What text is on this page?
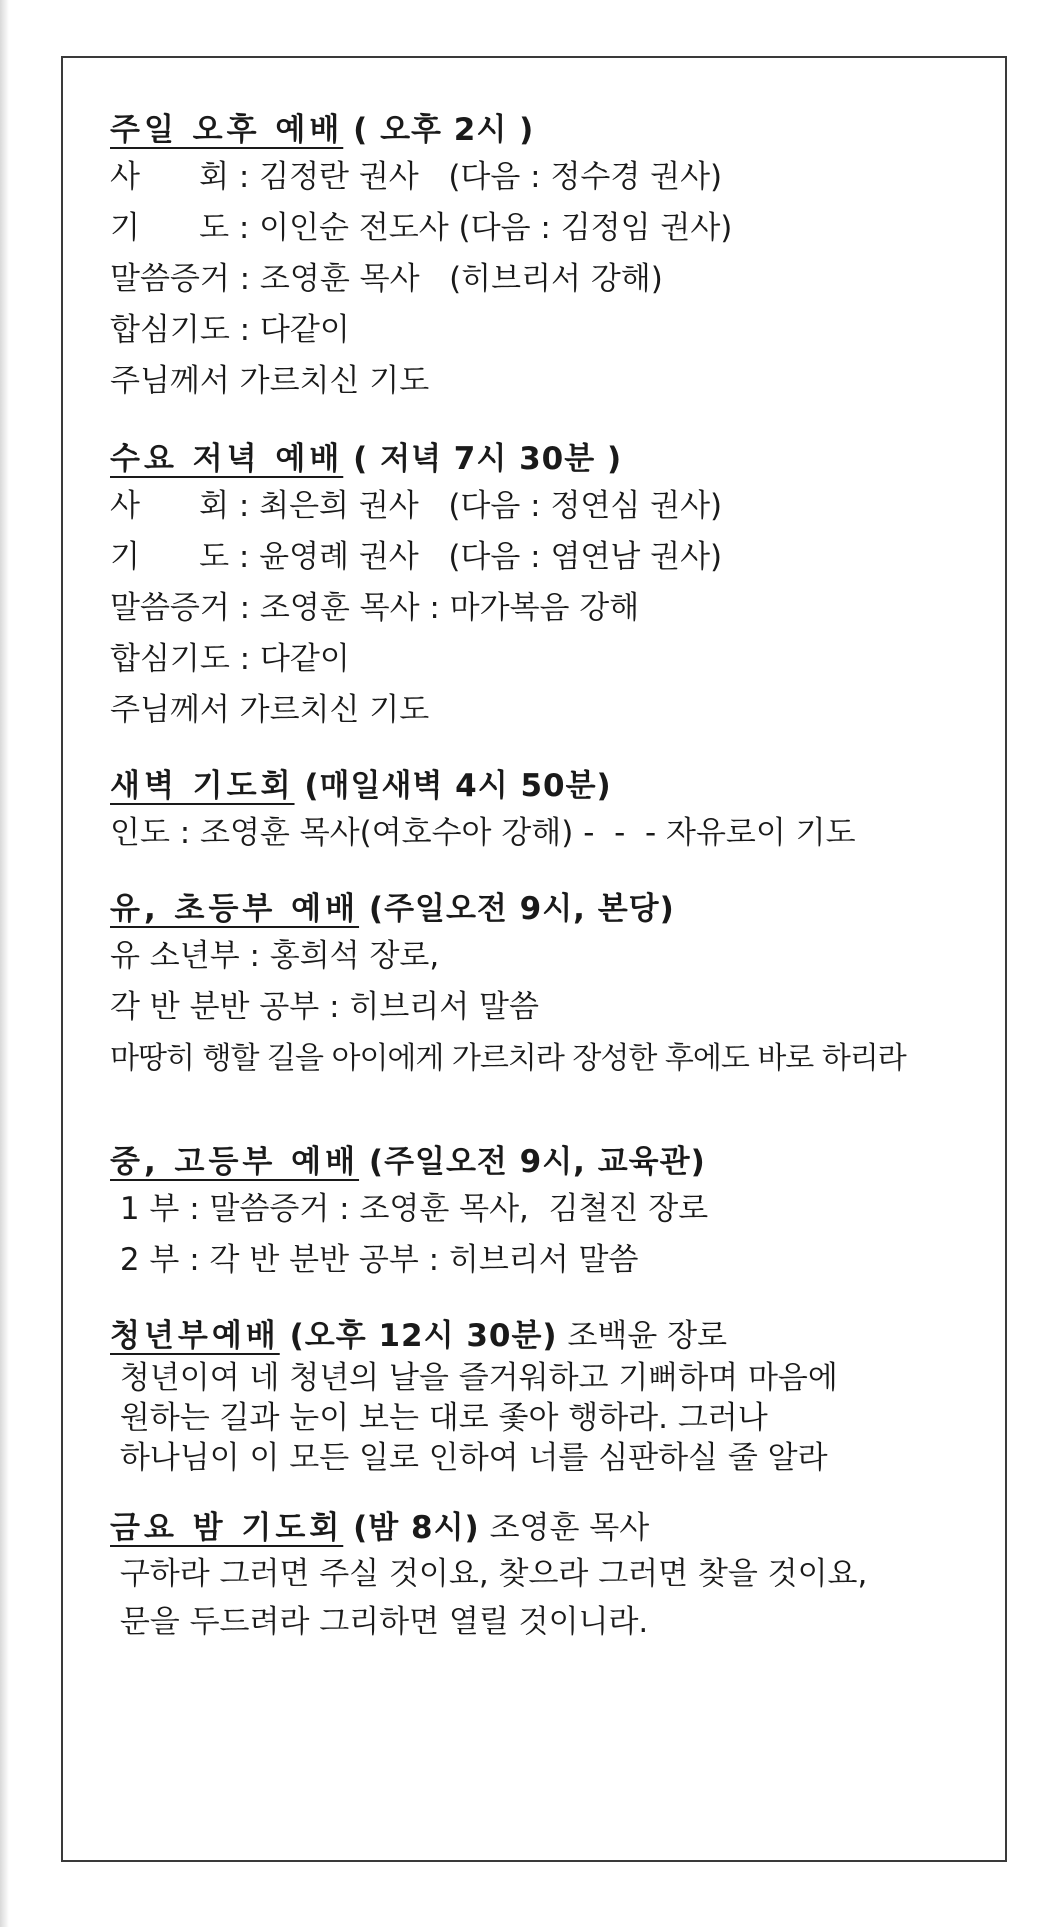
주일 오후 예배 ( 오후 2시 )
사      회 : 김정란 권사   (다음 : 정수경 권사)
기      도 : 이인순 전도사 (다음 : 김정임 권사)
말씀증거 : 조영훈 목사   (히브리서 강해)
합심기도 : 다같이
주님께서 가르치신 기도
수요 저녁 예배 ( 저녁 7시 30분 )
사      회 : 최은희 권사   (다음 : 정연심 권사)
기      도 : 윤영례 권사   (다음 : 염연남 권사)
말씀증거 : 조영훈 목사 : 마가복음 강해
합심기도 : 다같이
주님께서 가르치신 기도
새벽 기도회 (매일새벽 4시 50분)
인도 : 조영훈 목사(여호수아 강해) -  -  - 자유로이 기도
유, 초등부 예배 (주일오전 9시, 본당)
유 소년부 : 홍희석 장로,
각 반 분반 공부 : 히브리서 말씀
마땅히 행할 길을 아이에게 가르치라 장성한 후에도 바로 하리라
중, 고등부 예배 (주일오전 9시, 교육관)
1 부 : 말씀증거 : 조영훈 목사,  김철진 장로
2 부 : 각 반 분반 공부 : 히브리서 말씀
청년부예배 (오후 12시 30분) 조백윤 장로
청년이여 네 청년의 날을 즐거워하고 기뻐하며 마음에
원하는 길과 눈이 보는 대로 좇아 행하라. 그러나
하나님이 이 모든 일로 인하여 너를 심판하실 줄 알라
금요 밤 기도회 (밤 8시) 조영훈 목사
구하라 그러면 주실 것이요, 찾으라 그러면 찾을 것이요,
문을 두드려라 그리하면 열릴 것이니라.
